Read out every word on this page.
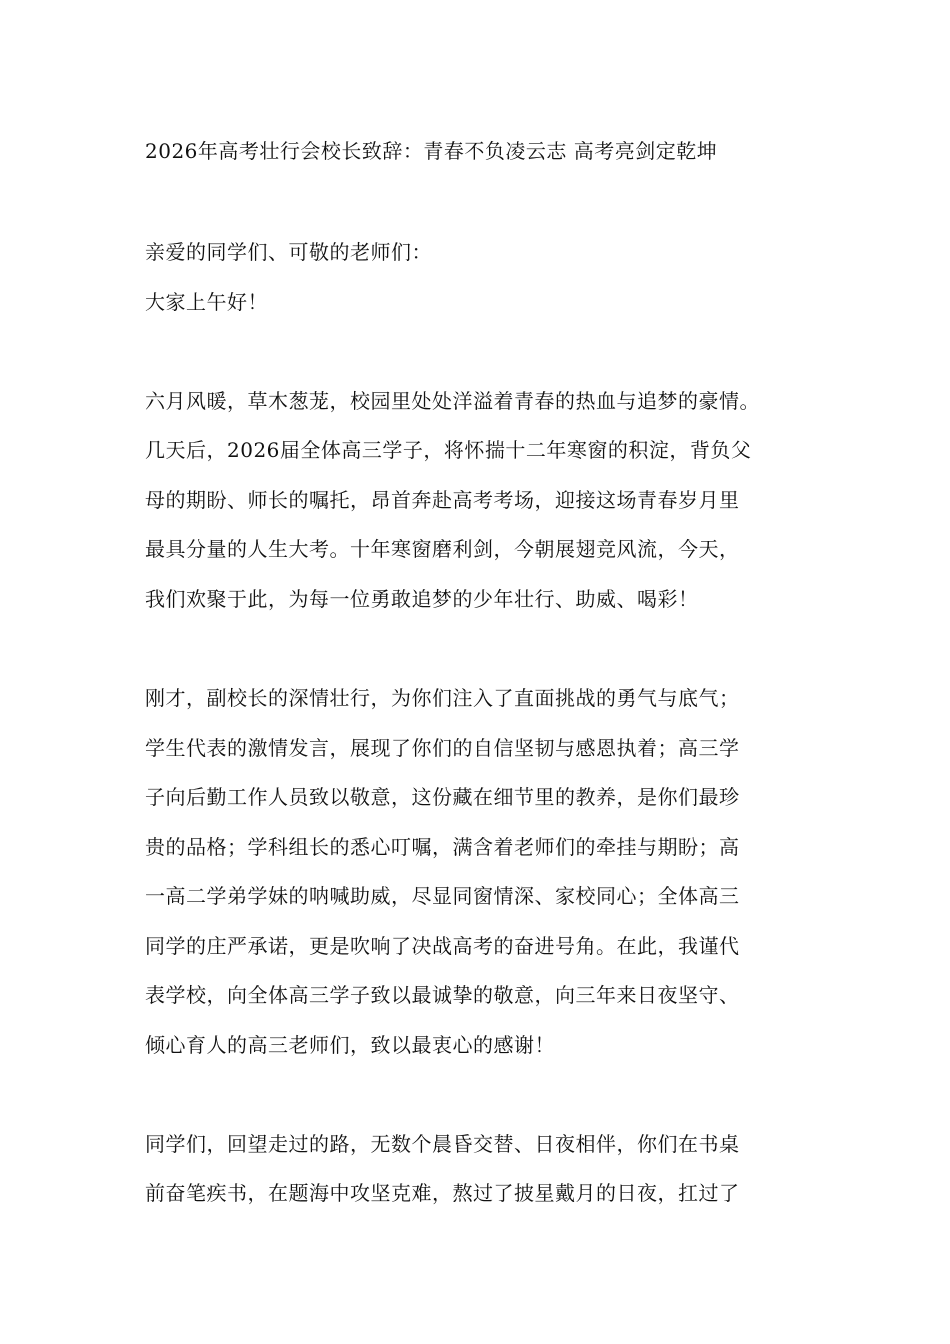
2026年高考壮行会校长致辞：青春不负凌云志 高考亮剑定乾坤
亲爱的同学们、可敬的老师们：
大家上午好！
六月风暖，草木葱茏，校园里处处洋溢着青春的热血与追梦的豪情。
几天后，2026届全体高三学子，将怀揣十二年寒窗的积淀，背负父
母的期盼、师长的嘱托，昂首奔赴高考考场，迎接这场青春岁月里
最具分量的人生大考。十年寒窗磨利剑，今朝展翅竞风流，今天，
我们欢聚于此，为每一位勇敢追梦的少年壮行、助威、喝彩！
刚才，副校长的深情壮行，为你们注入了直面挑战的勇气与底气；
学生代表的激情发言，展现了你们的自信坚韧与感恩执着；高三学
子向后勤工作人员致以敬意，这份藏在细节里的教养，是你们最珍
贵的品格；学科组长的悉心叮嘱，满含着老师们的牵挂与期盼；高
一高二学弟学妹的呐喊助威，尽显同窗情深、家校同心；全体高三
同学的庄严承诺，更是吹响了决战高考的奋进号角。在此，我谨代
表学校，向全体高三学子致以最诚挚的敬意，向三年来日夜坚守、
倾心育人的高三老师们，致以最衷心的感谢！
同学们，回望走过的路，无数个晨昏交替、日夜相伴，你们在书桌
前奋笔疾书，在题海中攻坚克难，熬过了披星戴月的日夜，扛过了
